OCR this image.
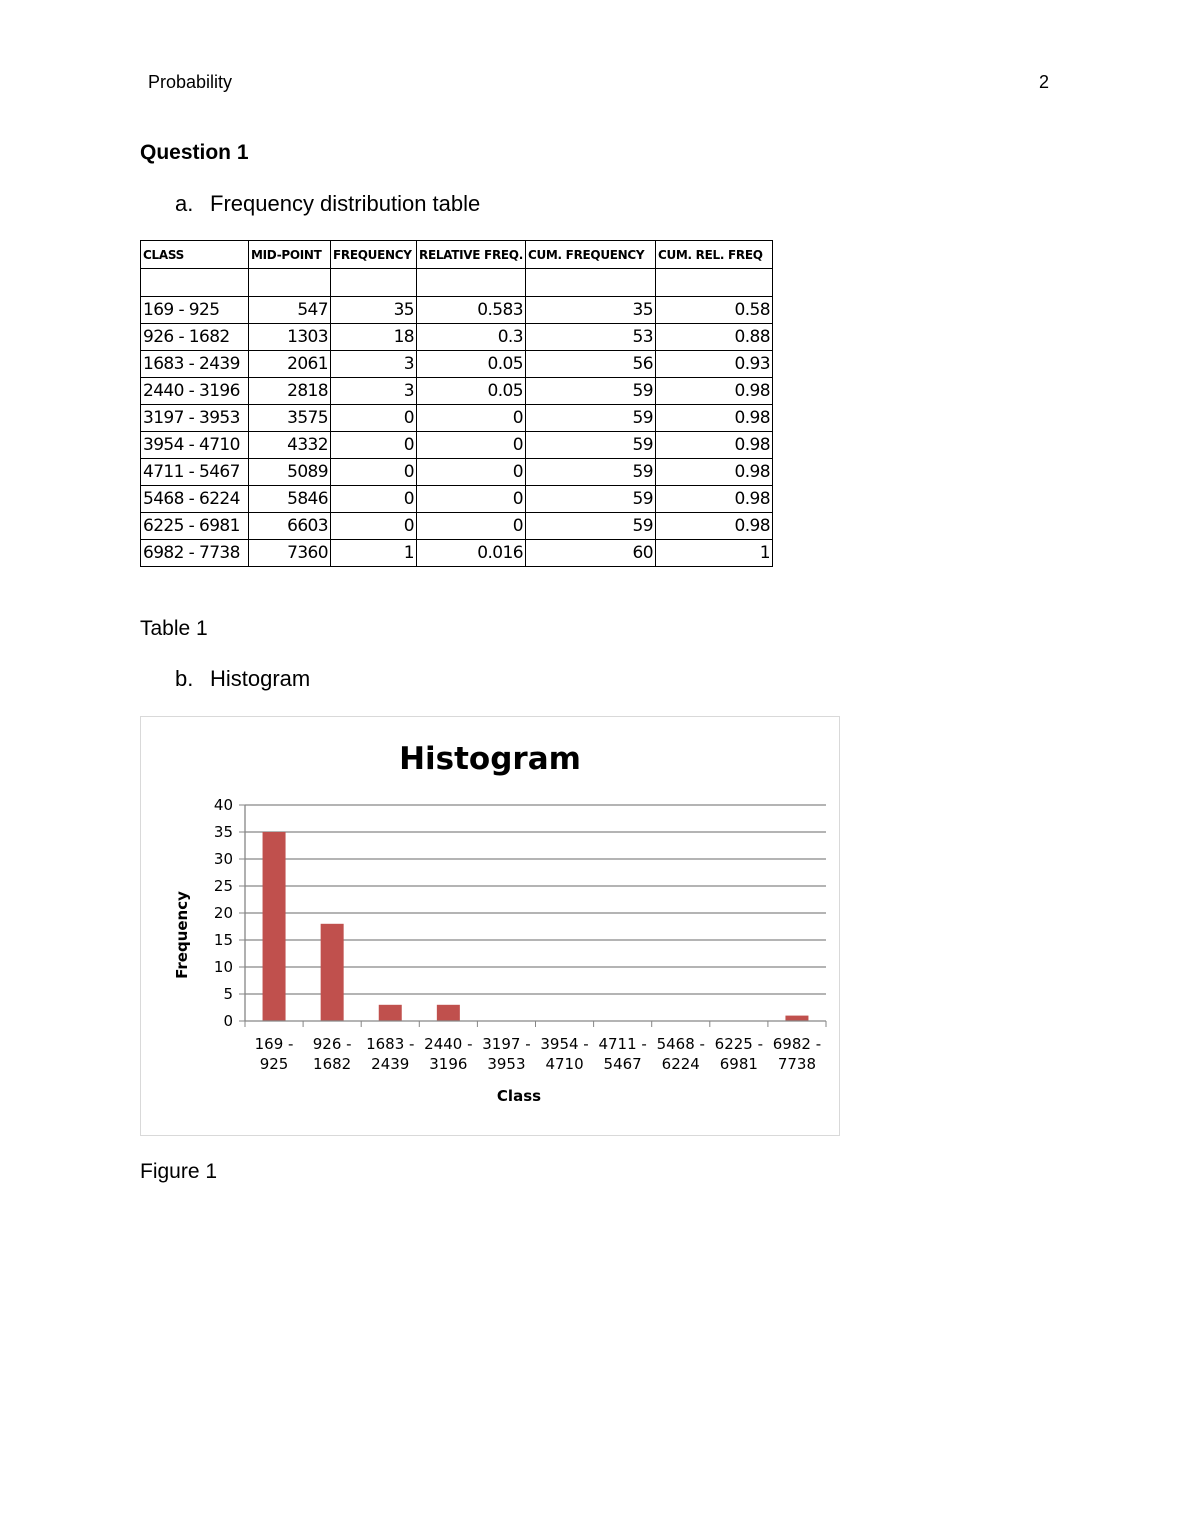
Probability	2
Question 1
a. Frequency distribution table
CLASS	MID-POINT	FREQUENCY	RELATIVE FREQ.	CUM. FREQUENCY	CUM. REL. FREQ

169 - 925	547	35	0.583	35	0.58
926 - 1682	1303	18	0.3	53	0.88
1683 - 2439	2061	3	0.05	56	0.93
2440 - 3196	2818	3	0.05	59	0.98
3197 - 3953	3575	0	0	59	0.98
3954 - 4710	4332	0	0	59	0.98
4711 - 5467	5089	0	0	59	0.98
5468 - 6224	5846	0	0	59	0.98
6225 - 6981	6603	0	0	59	0.98
6982 - 7738	7360	1	0.016	60	1
Table 1
b. Histogram
Histogram
0
5
10
15
20
25
30
35
40
169 -
925
926 -
1682
1683 -
2439
2440 -
3196
3197 -
3953
3954 -
4710
4711 -
5467
5468 -
6224
6225 -
6981
6982 -
7738
Class
Frequency
Figure 1
